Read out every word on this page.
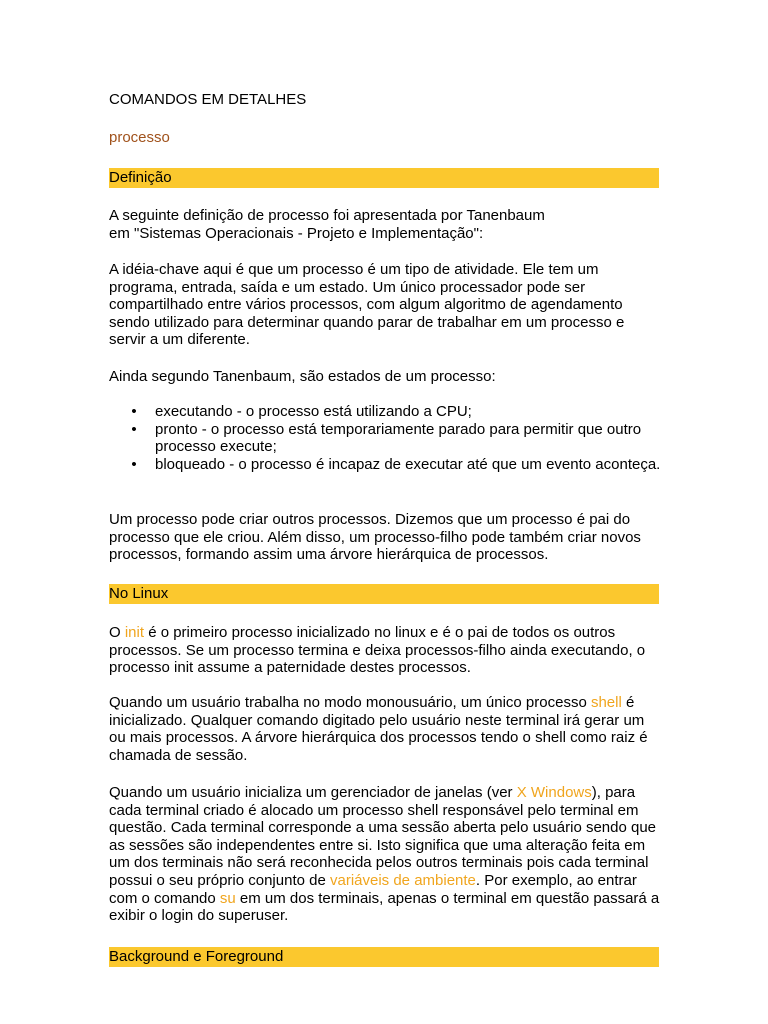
COMANDOS EM DETALHES
processo
Definição
A seguinte definição de processo foi apresentada por Tanenbaum
em "Sistemas Operacionais - Projeto e Implementação":

A idéia-chave aqui é que um processo é um tipo de atividade. Ele tem um programa, entrada, saída e um estado. Um único processador pode ser compartilhado entre vários processos, com algum algoritmo de agendamento sendo utilizado para determinar quando parar de trabalhar em um processo e servir a um diferente.

Ainda segundo Tanenbaum, são estados de um processo:

• executando - o processo está utilizando a CPU;
• pronto - o processo está temporariamente parado para permitir que outro processo execute;
• bloqueado - o processo é incapaz de executar até que um evento aconteça.

Um processo pode criar outros processos. Dizemos que um processo é pai do processo que ele criou. Além disso, um processo-filho pode também criar novos processos, formando assim uma árvore hierárquica de processos.

No Linux

O init é o primeiro processo inicializado no linux e é o pai de todos os outros processos. Se um processo termina e deixa processos-filho ainda executando, o processo init assume a paternidade destes processos.

Quando um usuário trabalha no modo monousuário, um único processo shell é inicializado. Qualquer comando digitado pelo usuário neste terminal irá gerar um ou mais processos. A árvore hierárquica dos processos tendo o shell como raiz é chamada de sessão.

Quando um usuário inicializa um gerenciador de janelas (ver X Windows), para cada terminal criado é alocado um processo shell responsável pelo terminal em questão. Cada terminal corresponde a uma sessão aberta pelo usuário sendo que as sessões são independentes entre si. Isto significa que uma alteração feita em um dos terminais não será reconhecida pelos outros terminais pois cada terminal possui o seu próprio conjunto de variáveis de ambiente. Por exemplo, ao entrar com o comando su em um dos terminais, apenas o terminal em questão passará a exibir o login do superuser.

Background e Foreground
